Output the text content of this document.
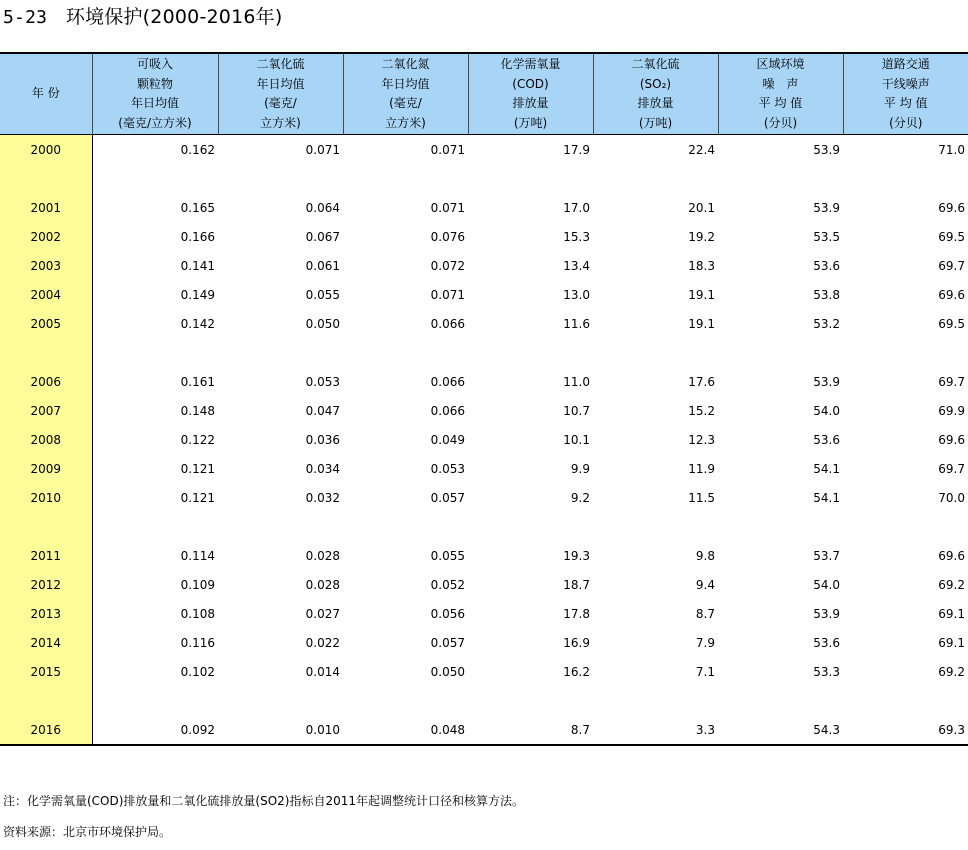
5-23 环境保护(2000-2016年)
年 份	可吸入
颗粒物
年日均值
(毫克/立方米)	二氧化硫
年日均值
(毫克/
立方米)	二氧化氮
年日均值
(毫克/
立方米)	化学需氧量
(COD)
排放量
(万吨)	二氧化硫
(SO₂)
排放量
(万吨)	区域环境
噪　声
平 均 值
(分贝)	道路交通
干线噪声
平 均 值
(分贝)

2000	0.162	0.071	0.071	17.9	22.4	53.9	71.0

2001	0.165	0.064	0.071	17.0	20.1	53.9	69.6
2002	0.166	0.067	0.076	15.3	19.2	53.5	69.5
2003	0.141	0.061	0.072	13.4	18.3	53.6	69.7
2004	0.149	0.055	0.071	13.0	19.1	53.8	69.6
2005	0.142	0.050	0.066	11.6	19.1	53.2	69.5

2006	0.161	0.053	0.066	11.0	17.6	53.9	69.7
2007	0.148	0.047	0.066	10.7	15.2	54.0	69.9
2008	0.122	0.036	0.049	10.1	12.3	53.6	69.6
2009	0.121	0.034	0.053	9.9	11.9	54.1	69.7
2010	0.121	0.032	0.057	9.2	11.5	54.1	70.0

2011	0.114	0.028	0.055	19.3	9.8	53.7	69.6
2012	0.109	0.028	0.052	18.7	9.4	54.0	69.2
2013	0.108	0.027	0.056	17.8	8.7	53.9	69.1
2014	0.116	0.022	0.057	16.9	7.9	53.6	69.1
2015	0.102	0.014	0.050	16.2	7.1	53.3	69.2

2016	0.092	0.010	0.048	8.7	3.3	54.3	69.3
注：化学需氧量(COD)排放量和二氧化硫排放量(SO2)指标自2011年起调整统计口径和核算方法。
资料来源：北京市环境保护局。
